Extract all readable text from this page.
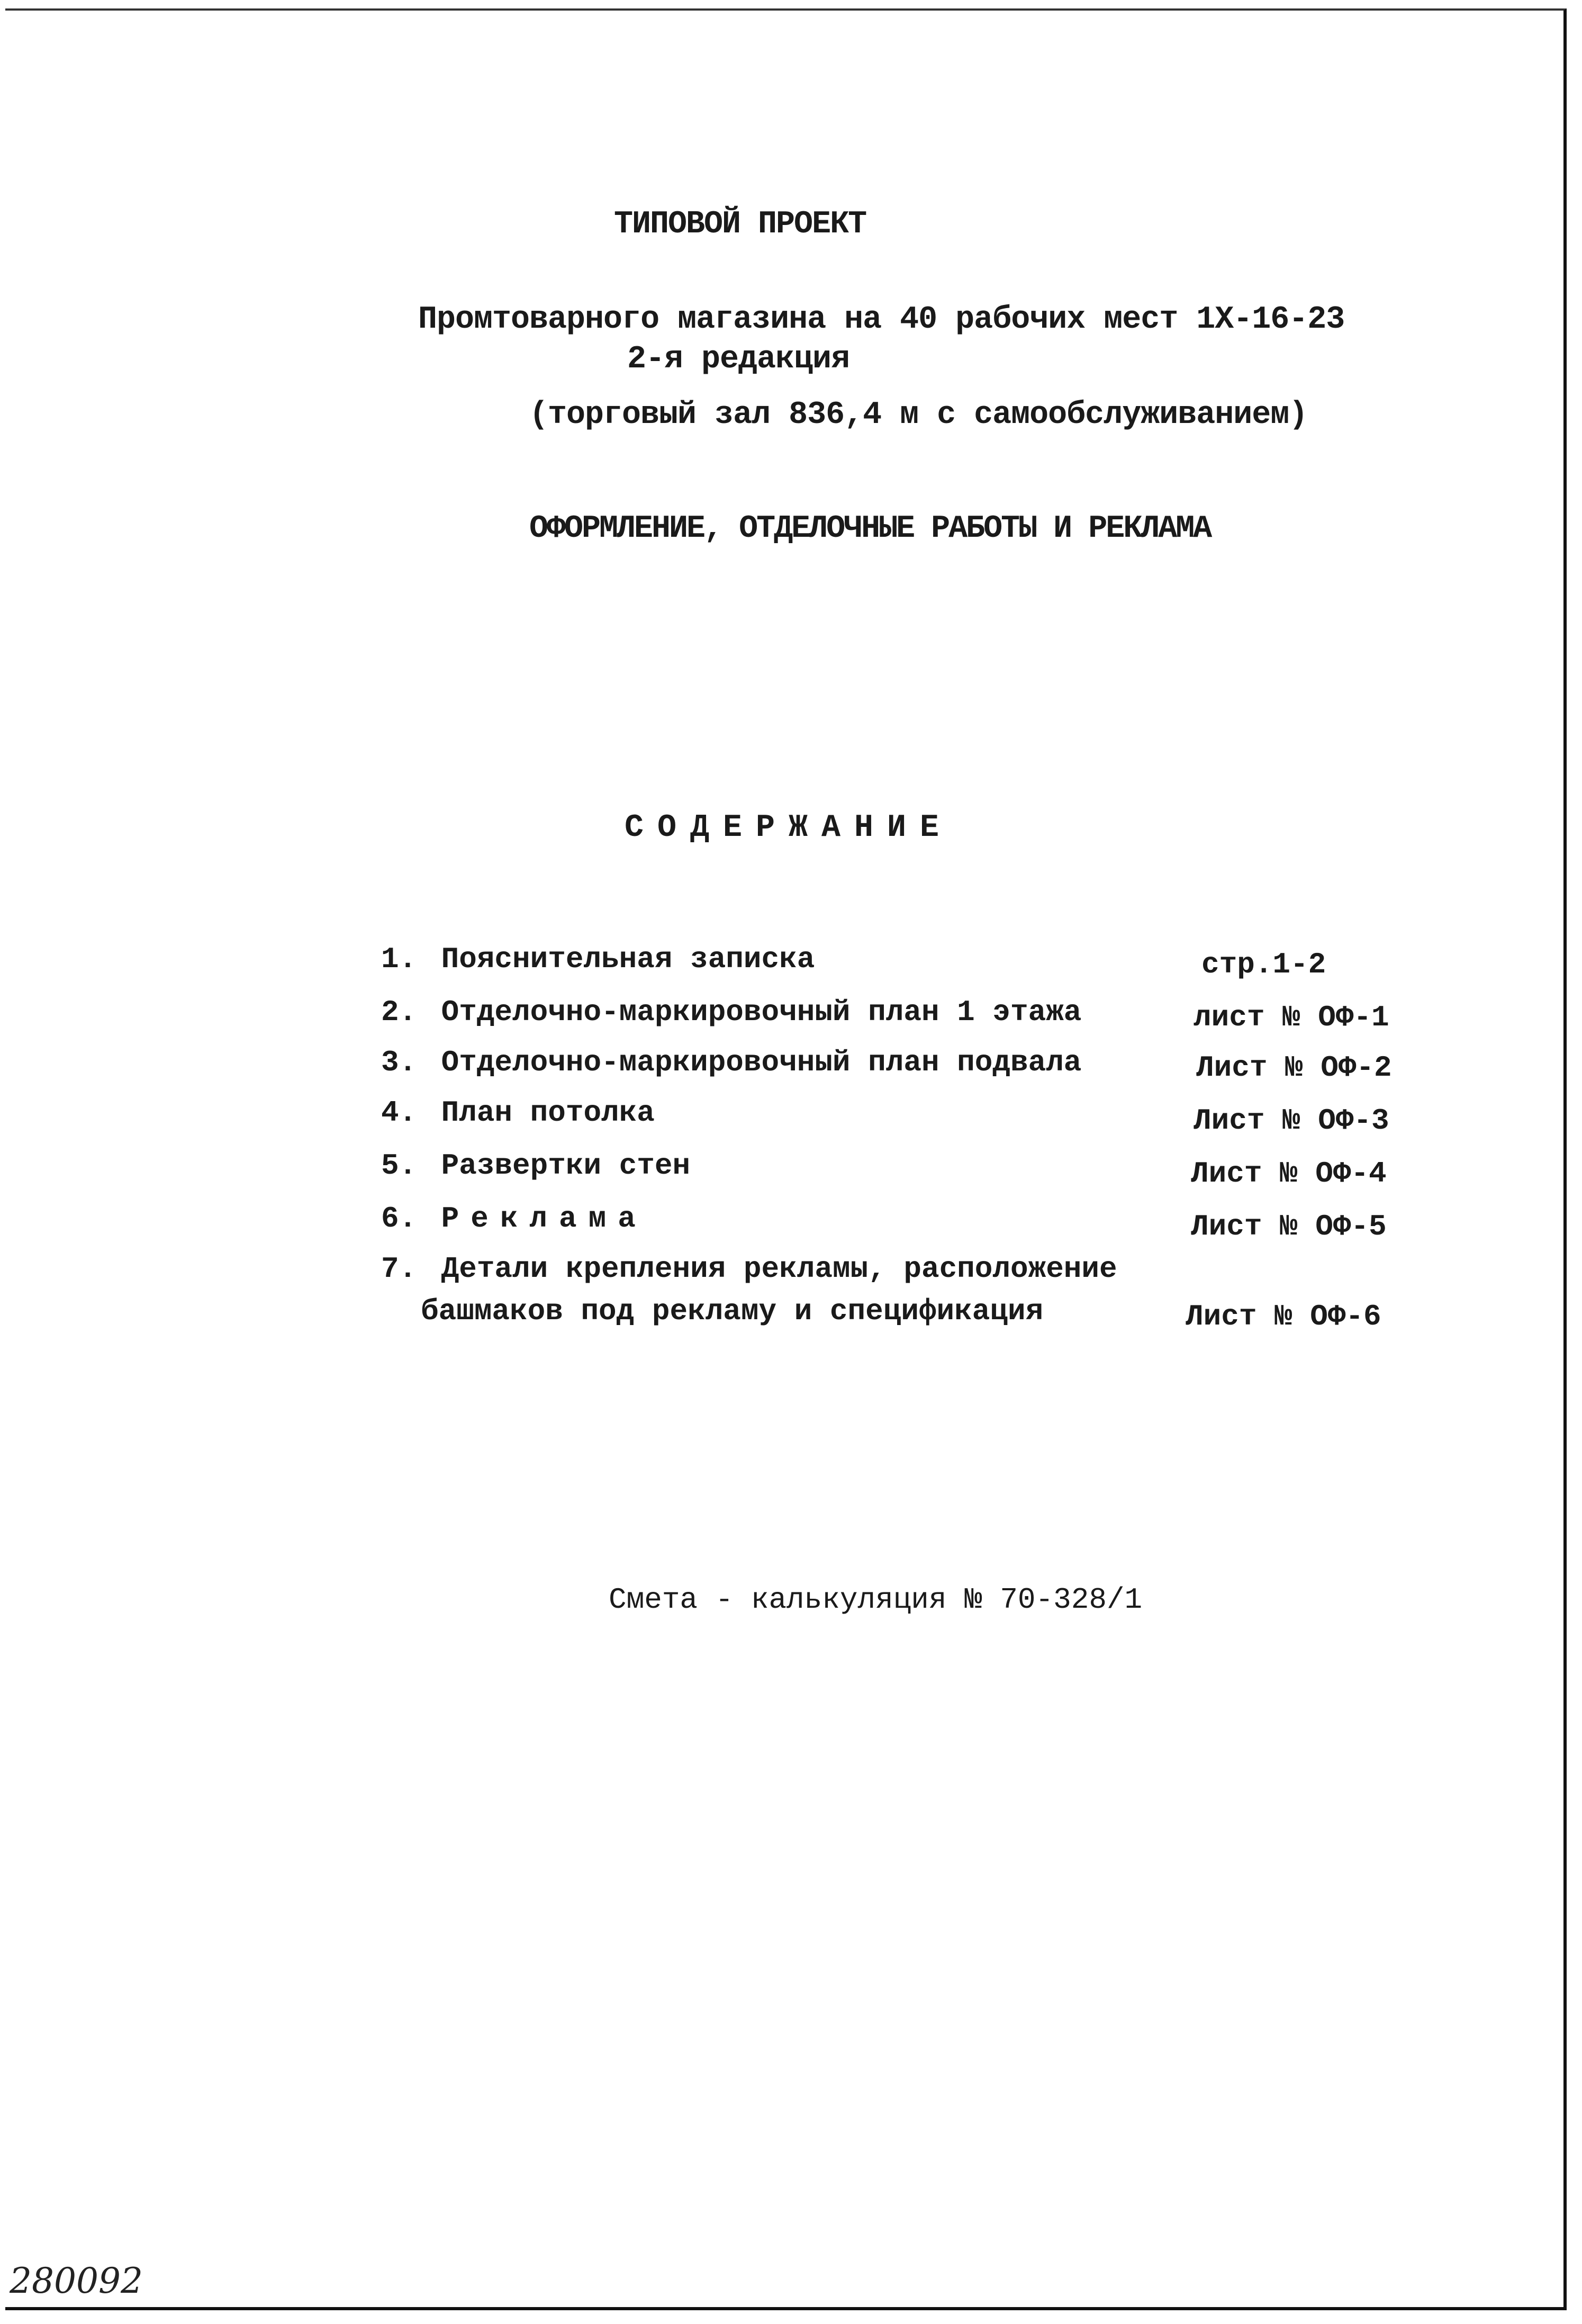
ТИПОВОЙ ПРОЕКТ
Промтоварного магазина на 40 рабочих мест 1Х-16-23
2-я редакция
(торговый зал 836,4 м с самообслуживанием)
ОФОРМЛЕНИЕ, ОТДЕЛОЧНЫЕ РАБОТЫ И РЕКЛАМА
СОДЕРЖАНИЕ
1. Пояснительная записка	стр.1-2
2. Отделочно-маркировочный план 1 этажа	лист № ОФ-1
3. Отделочно-маркировочный план подвала	Лист № ОФ-2
4. План потолка	Лист № ОФ-3
5. Развертки стен	Лист № ОФ-4
6. Реклама	Лист № ОФ-5
7. Детали крепления рекламы, расположение
башмаков под рекламу и спецификация	Лист № ОФ-6
Смета - калькуляция № 70-328/1
280092
